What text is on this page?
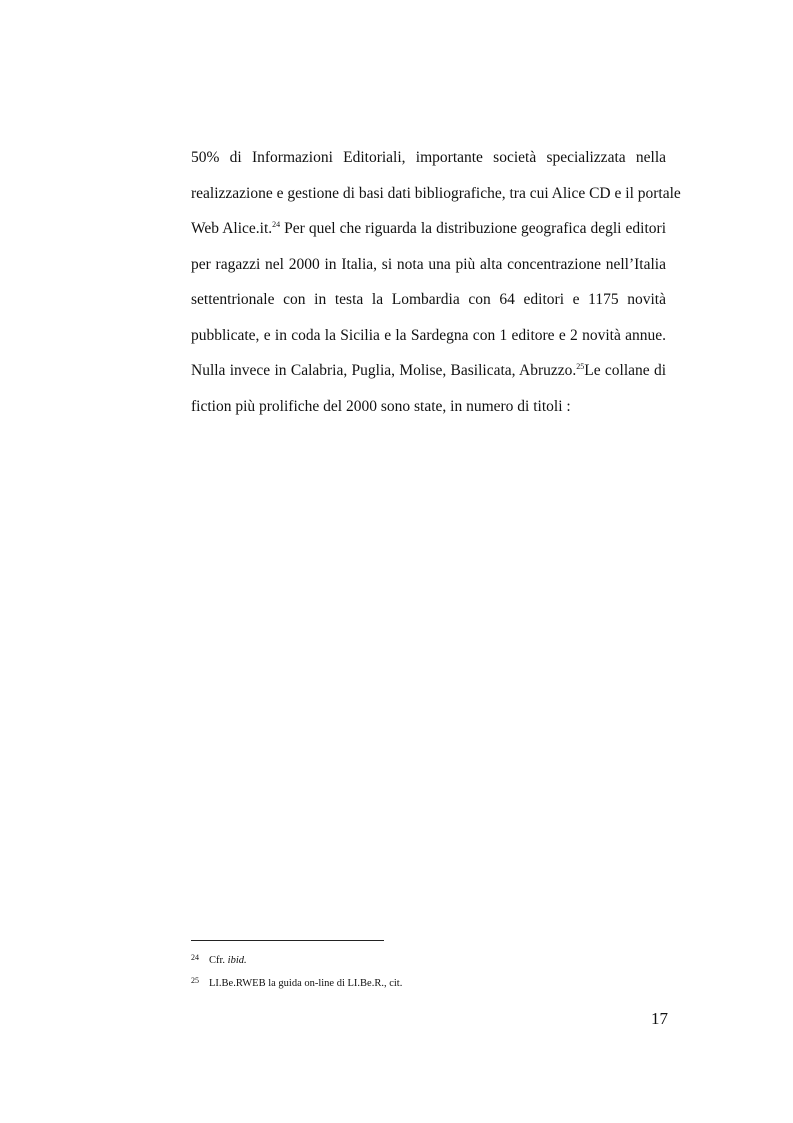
50% di Informazioni Editoriali, importante società specializzata nella
realizzazione e gestione di basi dati bibliografiche, tra cui Alice CD e il portale
Web Alice.it.$^{24}$ Per quel che riguarda la distribuzione geografica degli editori
per ragazzi nel 2000 in Italia, si nota una più alta concentrazione nell’Italia
settentrionale con in testa la Lombardia con 64 editori e 1175 novità
pubblicate, e in coda la Sicilia e la Sardegna con 1 editore e 2 novità annue.
Nulla invece in Calabria, Puglia, Molise, Basilicata, Abruzzo.$^{25}$Le collane di
fiction più prolifiche del 2000 sono state, in numero di titoli :
24 Cfr. ibid.
25 LI.Be.RWEB la guida on-line di LI.Be.R., cit.
17
